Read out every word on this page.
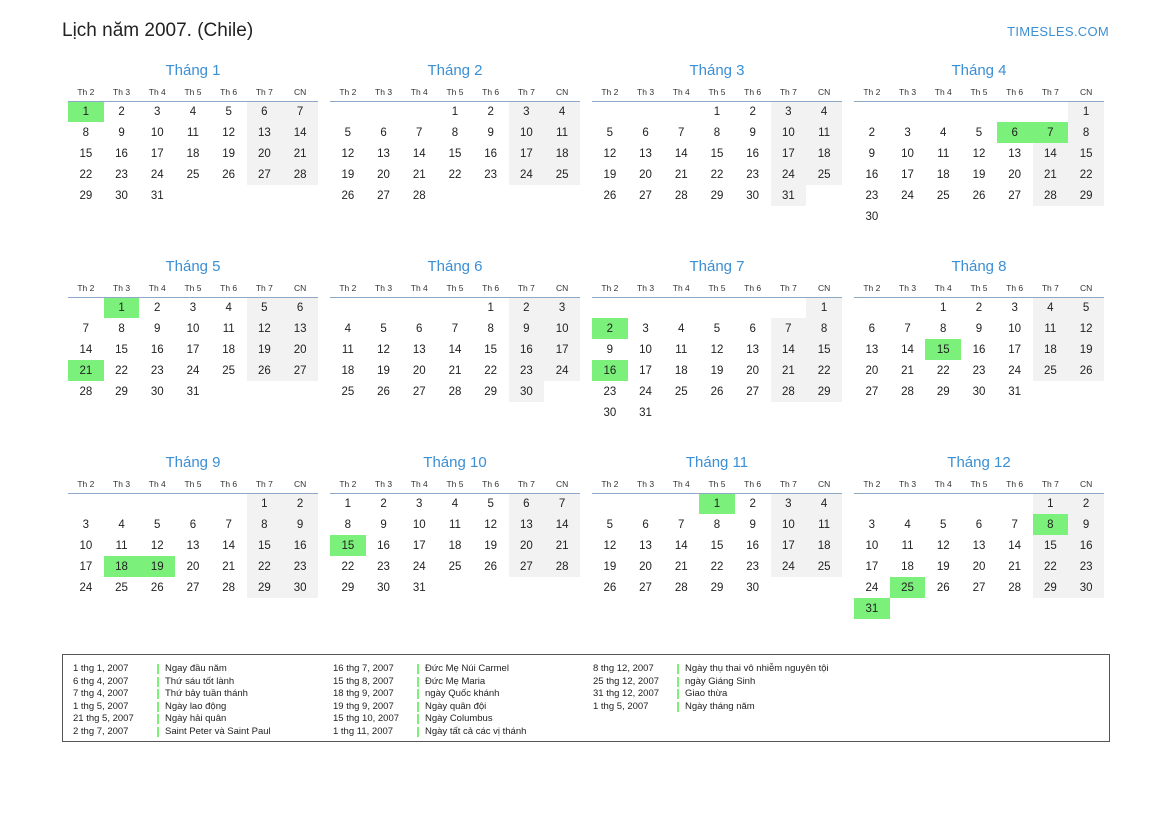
Lịch năm 2007. (Chile)	TIMESLES.COM
Tháng 1
Th 2	Th 3	Th 4	Th 5	Th 6	Th 7	CN
1	2	3	4	5	6	7
8	9	10	11	12	13	14
15	16	17	18	19	20	21
22	23	24	25	26	27	28
29	30	31				
Tháng 2
Th 2	Th 3	Th 4	Th 5	Th 6	Th 7	CN
			1	2	3	4
5	6	7	8	9	10	11
12	13	14	15	16	17	18
19	20	21	22	23	24	25
26	27	28				
Tháng 3
Th 2	Th 3	Th 4	Th 5	Th 6	Th 7	CN
			1	2	3	4
5	6	7	8	9	10	11
12	13	14	15	16	17	18
19	20	21	22	23	24	25
26	27	28	29	30	31	
Tháng 4
Th 2	Th 3	Th 4	Th 5	Th 6	Th 7	CN
						1
2	3	4	5	6	7	8
9	10	11	12	13	14	15
16	17	18	19	20	21	22
23	24	25	26	27	28	29
30						
Tháng 5
Th 2	Th 3	Th 4	Th 5	Th 6	Th 7	CN
	1	2	3	4	5	6
7	8	9	10	11	12	13
14	15	16	17	18	19	20
21	22	23	24	25	26	27
28	29	30	31			
Tháng 6
Th 2	Th 3	Th 4	Th 5	Th 6	Th 7	CN
				1	2	3
4	5	6	7	8	9	10
11	12	13	14	15	16	17
18	19	20	21	22	23	24
25	26	27	28	29	30	
Tháng 7
Th 2	Th 3	Th 4	Th 5	Th 6	Th 7	CN
						1
2	3	4	5	6	7	8
9	10	11	12	13	14	15
16	17	18	19	20	21	22
23	24	25	26	27	28	29
30	31					
Tháng 8
Th 2	Th 3	Th 4	Th 5	Th 6	Th 7	CN
		1	2	3	4	5
6	7	8	9	10	11	12
13	14	15	16	17	18	19
20	21	22	23	24	25	26
27	28	29	30	31		
Tháng 9
Th 2	Th 3	Th 4	Th 5	Th 6	Th 7	CN
					1	2
3	4	5	6	7	8	9
10	11	12	13	14	15	16
17	18	19	20	21	22	23
24	25	26	27	28	29	30
Tháng 10
Th 2	Th 3	Th 4	Th 5	Th 6	Th 7	CN
1	2	3	4	5	6	7
8	9	10	11	12	13	14
15	16	17	18	19	20	21
22	23	24	25	26	27	28
29	30	31				
Tháng 11
Th 2	Th 3	Th 4	Th 5	Th 6	Th 7	CN
			1	2	3	4
5	6	7	8	9	10	11
12	13	14	15	16	17	18
19	20	21	22	23	24	25
26	27	28	29	30		
Tháng 12
Th 2	Th 3	Th 4	Th 5	Th 6	Th 7	CN
					1	2
3	4	5	6	7	8	9
10	11	12	13	14	15	16
17	18	19	20	21	22	23
24	25	26	27	28	29	30
31						
1 thg 1, 2007	Ngay đầu năm
6 thg 4, 2007	Thứ sáu tốt lành
7 thg 4, 2007	Thứ bảy tuần thánh
1 thg 5, 2007	Ngày lao động
21 thg 5, 2007	Ngày hải quân
2 thg 7, 2007	Saint Peter và Saint Paul
16 thg 7, 2007	Đức Mẹ Núi Carmel
15 thg 8, 2007	Đức Mẹ Maria
18 thg 9, 2007	ngày Quốc khánh
19 thg 9, 2007	Ngày quân đội
15 thg 10, 2007	Ngày Columbus
1 thg 11, 2007	Ngày tất cả các vị thánh
8 thg 12, 2007	Ngày thụ thai vô nhiễm nguyên tội
25 thg 12, 2007	ngày Giáng Sinh
31 thg 12, 2007	Giao thừa
1 thg 5, 2007	Ngày tháng năm
